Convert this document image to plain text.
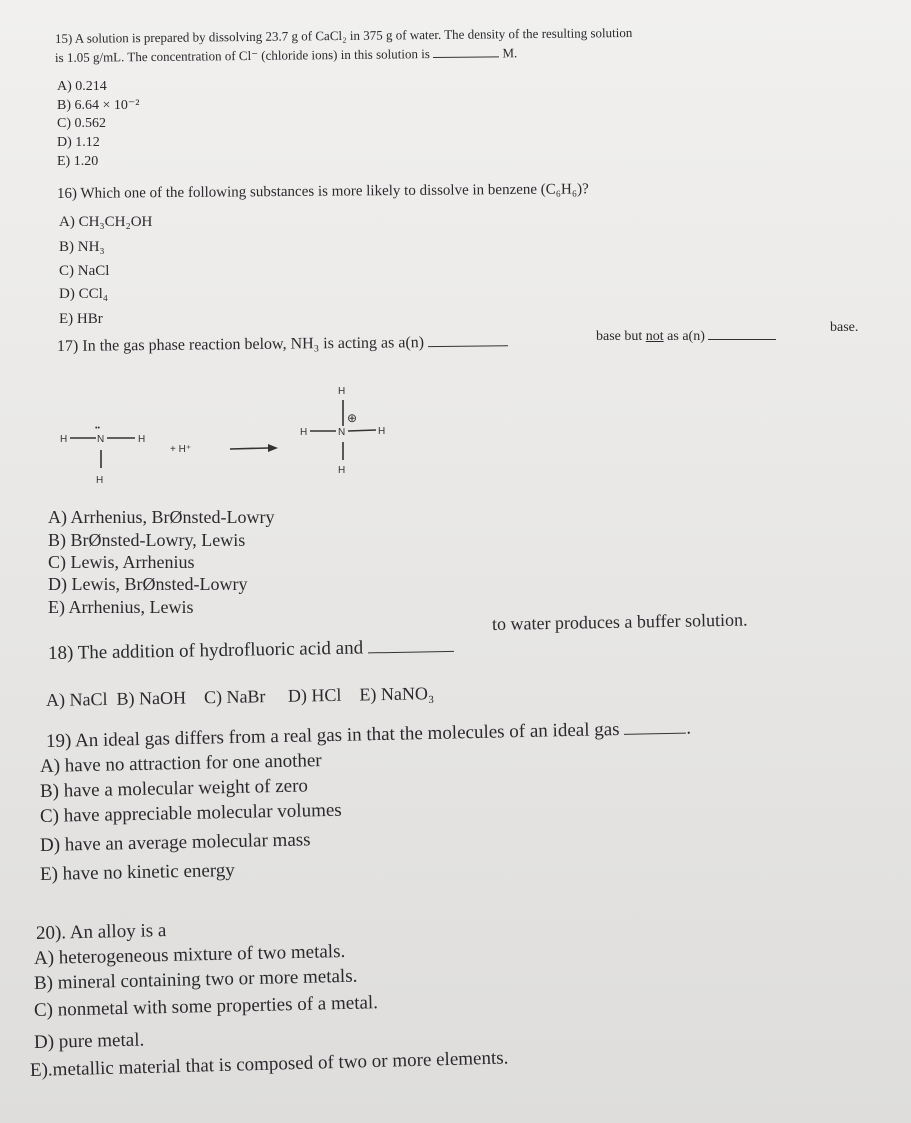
15) A solution is prepared by dissolving 23.7 g of CaCl₂ in 375 g of water. The density of the resulting solution
is 1.05 g/mL. The concentration of Cl⁻ (chloride ions) in this solution is	M.
A) 0.214
B) 6.64 × 10⁻²
C) 0.562
D) 1.12
E) 1.20
16) Which one of the following substances is more likely to dissolve in benzene (C₆H₆)?
A) CH₃CH₂OH
B) NH₃
C) NaCl
D) CCl₄
E) HBr
17) In the gas phase reaction below, NH₃ is acting as a(n)	base but not as a(n)
base.
H
••
N	H
H
+ H⁺
H
⊕
H	N	H
H
A) Arrhenius, BrØnsted-Lowry
B) BrØnsted-Lowry, Lewis
C) Lewis, Arrhenius
D) Lewis, BrØnsted-Lowry
E) Arrhenius, Lewis
18) The addition of hydrofluoric acid and
to water produces a buffer solution.
A) NaCl B) NaOH C) NaBr D) HCl E) NaNO₃
19) An ideal gas differs from a real gas in that the molecules of an ideal gas	.
A) have no attraction for one another
B) have a molecular weight of zero
C) have appreciable molecular volumes
D) have an average molecular mass
E) have no kinetic energy
20). An alloy is a
A) heterogeneous mixture of two metals.
B) mineral containing two or more metals.
C) nonmetal with some properties of a metal.
D) pure metal.
E).metallic material that is composed of two or more elements.
